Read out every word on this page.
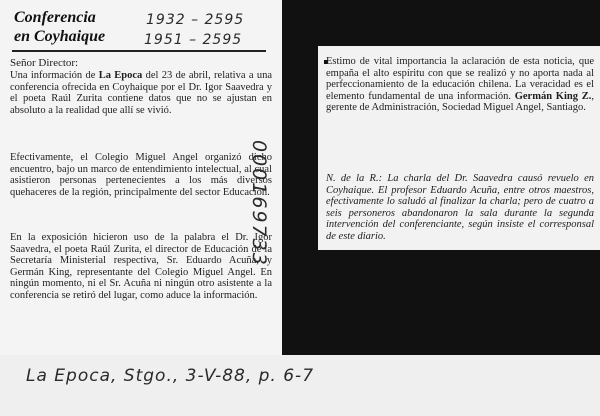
Conferencia
en Coyhaique
1932 – 2595
1951 – 2595
Señor Director:
Una información de La Epoca del 23 de abril, relativa a una conferencia ofrecida en Coyhaique por el Dr. Igor Saavedra y el poeta Raúl Zurita contiene datos que no se ajustan en absoluto a la realidad que allí se vivió.
Efectivamente, el Colegio Miguel Angel organizó dicho encuentro, bajo un marco de entendimiento intelectual, al cual asistieron personas pertenecientes a los más diversos quehaceres de la región, principalmente del sector Educación.
En la exposición hicieron uso de la palabra el Dr. Igor Saavedra, el poeta Raúl Zurita, el director de Educación de la Secretaría Ministerial respectiva, Sr. Eduardo Acuña, y Germán King, representante del Colegio Miguel Angel. En ningún momento, ni el Sr. Acuña ni ningún otro asistente a la conferencia se retiró del lugar, como aduce la información.
000169733
Estimo de vital importancia la aclaración de esta noticia, que empaña el alto espíritu con que se realizó y no aporta nada al perfeccionamiento de la educación chilena. La veracidad es el elemento fundamental de una información. Germán King Z., gerente de Administración, Sociedad Miguel Angel, Santiago.
N. de la R.: La charla del Dr. Saavedra causó revuelo en Coyhaique. El profesor Eduardo Acuña, entre otros maestros, efectivamente lo saludó al finalizar la charla; pero de cuatro a seis personeros abandonaron la sala durante la segunda intervención del conferenciante, según insiste el corresponsal de este diario.
La Epoca, Stgo., 3-V-88, p. 6-7
